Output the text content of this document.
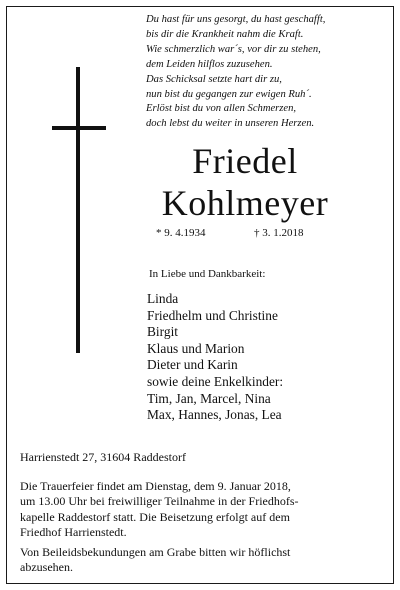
Du hast für uns gesorgt, du hast geschafft,
bis dir die Krankheit nahm die Kraft.
Wie schmerzlich war´s, vor dir zu stehen,
dem Leiden hilflos zuzusehen.
Das Schicksal setzte hart dir zu,
nun bist du gegangen zur ewigen Ruh´.
Erlöst bist du von allen Schmerzen,
doch lebst du weiter in unseren Herzen.
Friedel
Kohlmeyer
* 9. 4.1934	† 3. 1.2018
In Liebe und Dankbarkeit:
Linda
Friedhelm und Christine
Birgit
Klaus und Marion
Dieter und Karin
sowie deine Enkelkinder:
Tim, Jan, Marcel, Nina
Max, Hannes, Jonas, Lea
Harrienstedt 27, 31604 Raddestorf
Die Trauerfeier findet am Dienstag, dem 9. Januar 2018,
um 13.00 Uhr bei freiwilliger Teilnahme in der Friedhofs-
kapelle Raddestorf statt. Die Beisetzung erfolgt auf dem
Friedhof Harrienstedt.
Von Beileidsbekundungen am Grabe bitten wir höflichst
abzusehen.
